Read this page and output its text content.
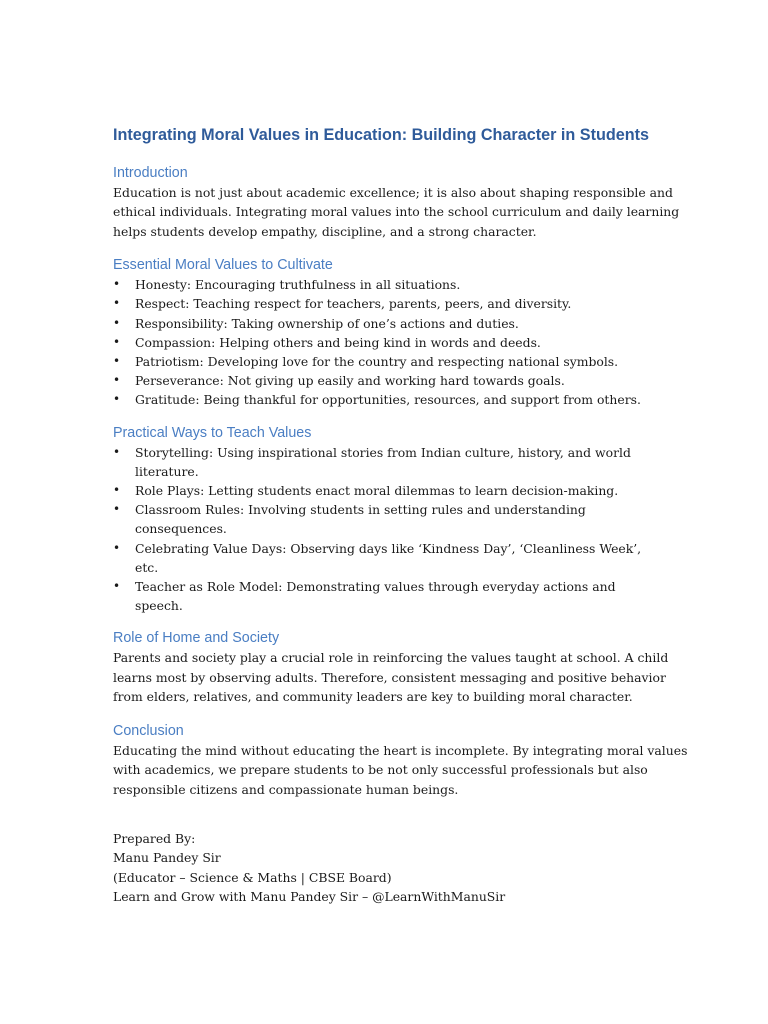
Integrating Moral Values in Education: Building Character in Students
Introduction

Education is not just about academic excellence; it is also about shaping responsible and
ethical individuals. Integrating moral values into the school curriculum and daily learning
helps students develop empathy, discipline, and a strong character.

Essential Moral Values to Cultivate
• Honesty: Encouraging truthfulness in all situations.
• Respect: Teaching respect for teachers, parents, peers, and diversity.
• Responsibility: Taking ownership of one’s actions and duties.
• Compassion: Helping others and being kind in words and deeds.
• Patriotism: Developing love for the country and respecting national symbols.
• Perseverance: Not giving up easily and working hard towards goals.
• Gratitude: Being thankful for opportunities, resources, and support from others.
Practical Ways to Teach Values
• Storytelling: Using inspirational stories from Indian culture, history, and world
literature.
• Role Plays: Letting students enact moral dilemmas to learn decision-making.
• Classroom Rules: Involving students in setting rules and understanding consequences.
• Celebrating Value Days: Observing days like ‘Kindness Day’, ‘Cleanliness Week’, etc.
• Teacher as Role Model: Demonstrating values through everyday actions and speech.
Role of Home and Society

Parents and society play a crucial role in reinforcing the values taught at school. A child
learns most by observing adults. Therefore, consistent messaging and positive behavior
from elders, relatives, and community leaders are key to building moral character.

Conclusion

Educating the mind without educating the heart is incomplete. By integrating moral values
with academics, we prepare students to be not only successful professionals but also
responsible citizens and compassionate human beings.

Prepared By:
Manu Pandey Sir
(Educator – Science & Maths | CBSE Board)
Learn and Grow with Manu Pandey Sir – @LearnWithManuSir
